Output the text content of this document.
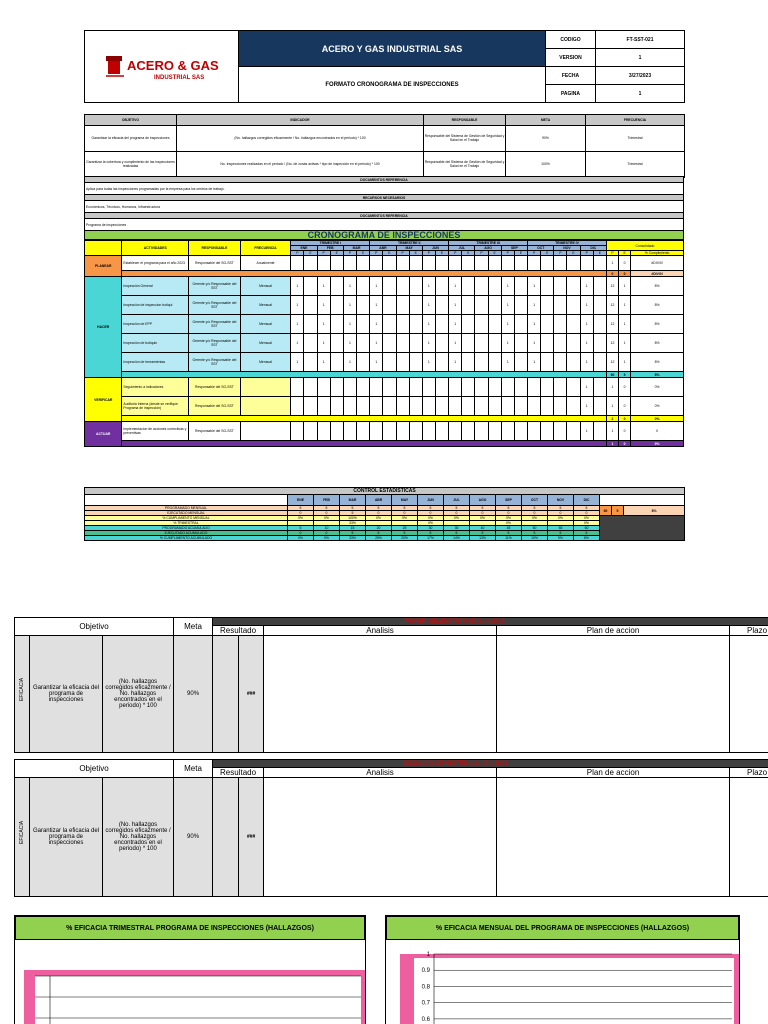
ACERO & GAS
INDUSTRIAL SAS	ACERO Y GAS INDUSTRIAL SAS	CODIGO	FT-SST-021
		VERSION	1
	FORMATO CRONOGRAMA DE INSPECCIONES	FECHA	3/27/2023
		PAGINA	1
OBJETIVO	INDICADOR	RESPONSABLE	META	FRECUENCIA
Garantizar la eficacia del programa de inspecciones	(No. hallazgos corregidos eficazmente / No. hallazgos encontrados en el periodo) * 100	Responsable del Sistema de Gestión de Seguridad y Salud en el Trabajo	90%	Trimestral
Garantizar la cobertura y cumplimiento de las inspecciones realizadas	No. Inspecciones realizadas en el periodo / (No. de zonas activas * tipo de inspección en el periodo) * 100	Responsable del Sistema de Gestión de Seguridad y Salud en el Trabajo	100%	Trimestral
DOCUMENTOS REFERENCIA
Aplica para todas las inspecciones programadas por la empresa para los centros de trabajo.
RECURSOS NECESARIOS
Económicos, Técnicos, Humanos, Infraestructura
DOCUMENTOS REFERENCIA
Programa de inspecciones
CRONOGRAMA DE INSPECCIONES
	ACTIVIDADES	RESPONSABLE	FRECUENCIA	TRIMESTRE I						TRIMESTRE II						TRIMESTRE III						TRIMESTRE IV						Consolidado		
				ENE		FEB		MAR		ABR		MAY		JUN		JUL		AGO		SEP		OCT		NOV		DIC				
				P	E	P	E	P	E	P	E	P	E	P	E	P	E	P	E	P	E	P	E	P	E	P	E	P	E	% Cumplimiento
PLANEAR	Establecer el programa para el año 2023	Responsable del SG-SST	Anualmente																									1	0	#DIV/0!
																												0	0	#DIV/0!
HACER	Inspección General	Gerente y/o Responsable del SST	Mensual	1		1		1		1				1		1				1		1				1		12	1	8%
	Inspección de inspeccion botiquí	Gerente y/o Responsable del SST	Mensual	1		1		1		1				1		1				1		1				1		12	1	8%
	Inspección de EPP	Gerente y/o Responsable del SST	Mensual	1		1		1		1				1		1				1		1				1		12	1	8%
	Inspección de botiquin	Gerente y/o Responsable del SST	Mensual	1		1		1		1				1		1				1		1				1		12	1	8%
	Inspección de herramientas	Gerente y/o Responsable del SST	Mensual	1		1		1		1				1		1				1		1				1		12	1	8%
																												60	5	8%
VERIFICAR	Seguimiento a indicadores	Responsable del SG-SST																								1		1	0	0%
	Auditoria Interna (desde se verifique Programa de inspección)	Responsable del SG-SST																								1		1	0	0%
																												2	0	0%
ACTUAR	Implementacion de acciones correctivas y preventivas	Responsable del SG-SST																								1		1	0	0
																												1	0	0%
CONTROL ESTADISTICAS															
	ENE	FEB	MAR	ABR	MAY	JUN	JUL	AGO	SEP	OCT	NOV	DIC			
PROGRAMADO MENSUAL	5	5	5	5	5	5	5	5	5	5	5	5	60	5	8%
EJECUTADO MENSUAL	0	0	5	0	0	0	0	0	0	0	0	0			
% CUMPLIMIENTO MENSUAL	0%	0%	100%	0%	0%	0%	0%	0%	0%	0%	0%	0%			
% TRIMESTRAL			33%			0%			0%			0%			
PROGRAMADO ACUMULADO	5	10	15	20	25	30	35	40	45	50	55	60			
EJECUTADO ACUMULADO	0	0	5	5	5	5	5	5	5	5	5	5			
% CUMPLIMIENTO ACUMULADO	0%	0%	33%	25%	20%	17%	14%	13%	11%	10%	9%	8%			
Objetivo			Meta	PRIMER SEMESTRE ENE-JUN 2023				
				Resultado		Analisis	Plan de accion	Plazo

EFICACIA	Garantizar la eficacia del programa de inspecciones	(No. hallazgos corregidos eficazmente / No. hallazgos encontrados en el periodo) * 100	90%		###			
Objetivo			Meta	SEGUNDO SEMESTRE JUL-DIC 2023				
				Resultado		Analisis	Plan de accion	Plazo

EFICACIA	Garantizar la eficacia del programa de inspecciones	(No. hallazgos corregidos eficazmente / No. hallazgos encontrados en el periodo) * 100	90%		###			
% EFICACIA TRIMESTRAL PROGRAMA DE INSPECCIONES (HALLAZGOS)	% EFICACIA MENSUAL DEL PROGRAMA DE INSPECCIONES (HALLAZGOS)
1
0.9
0.8
0.7
0.6
